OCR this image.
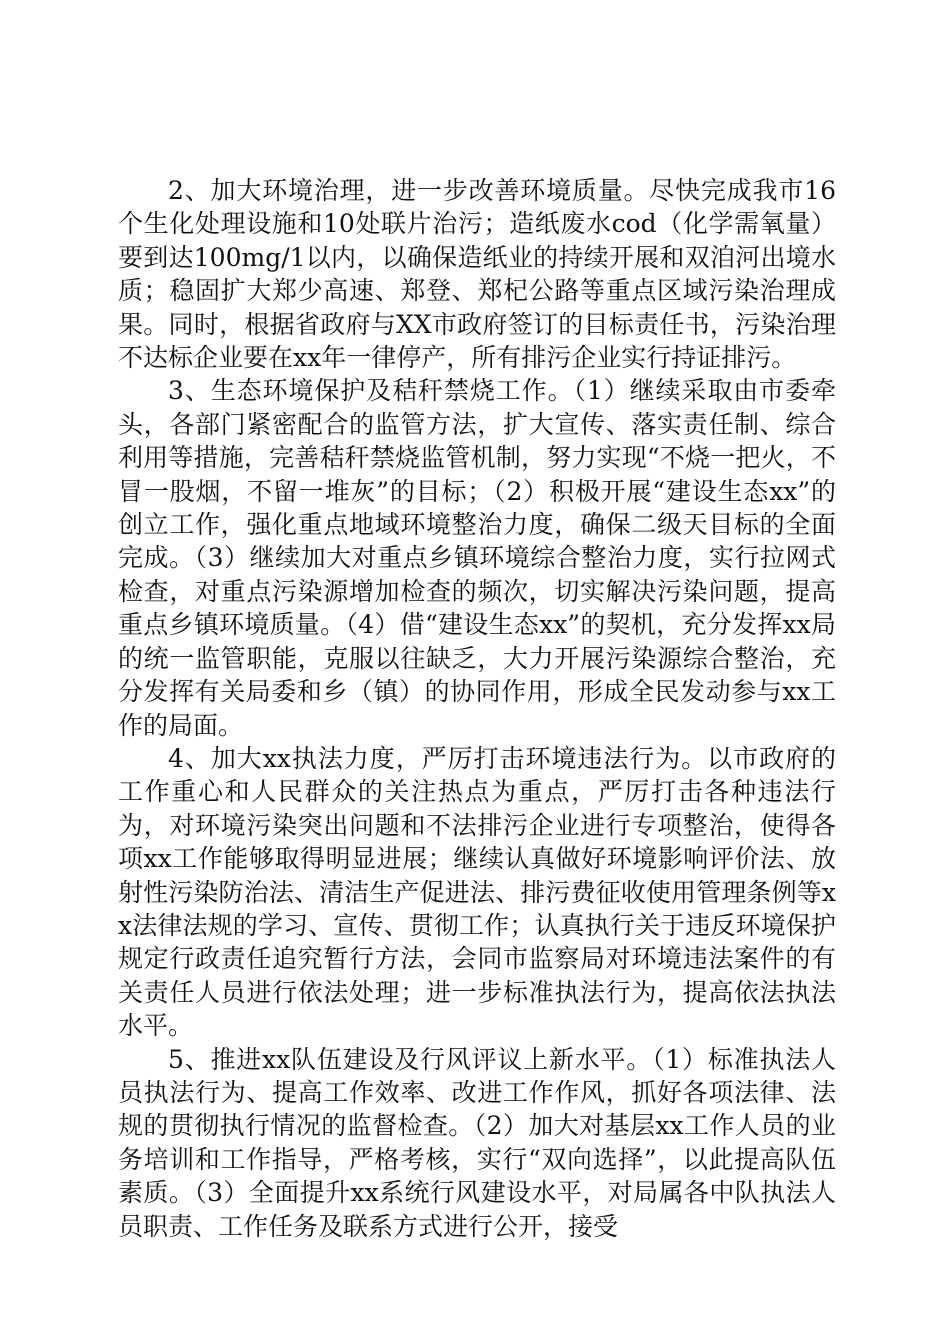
2、加大环境治理，进一步改善环境质量。尽快完成我市16个生化处理设施和10处联片治污；造纸废水cod（化学需氧量）要到达100mg/1以内，以确保造纸业的持续开展和双洎河出境水质；稳固扩大郑少高速、郑登、郑杞公路等重点区域污染治理成果。同时，根据省政府与XX市政府签订的目标责任书，污染治理不达标企业要在xx年一律停产，所有排污企业实行持证排污。

3、生态环境保护及秸秆禁烧工作。（1）继续采取由市委牵头，各部门紧密配合的监管方法，扩大宣传、落实责任制、综合利用等措施，完善秸秆禁烧监管机制，努力实现“不烧一把火，不冒一股烟，不留一堆灰”的目标；（2）积极开展“建设生态xx”的创立工作，强化重点地域环境整治力度，确保二级天目标的全面完成。（3）继续加大对重点乡镇环境综合整治力度，实行拉网式检查，对重点污染源增加检查的频次，切实解决污染问题，提高重点乡镇环境质量。（4）借“建设生态xx”的契机，充分发挥xx局的统一监管职能，克服以往缺乏，大力开展污染源综合整治，充分发挥有关局委和乡（镇）的协同作用，形成全民发动参与xx工作的局面。

4、加大xx执法力度，严厉打击环境违法行为。以市政府的工作重心和人民群众的关注热点为重点，严厉打击各种违法行为，对环境污染突出问题和不法排污企业进行专项整治，使得各项xx工作能够取得明显进展；继续认真做好环境影响评价法、放射性污染防治法、清洁生产促进法、排污费征收使用管理条例等xx法律法规的学习、宣传、贯彻工作；认真执行关于违反环境保护规定行政责任追究暂行方法，会同市监察局对环境违法案件的有关责任人员进行依法处理；进一步标准执法行为，提高依法执法水平。

5、推进xx队伍建设及行风评议上新水平。（1）标准执法人员执法行为、提高工作效率、改进工作作风，抓好各项法律、法规的贯彻执行情况的监督检查。（2）加大对基层xx工作人员的业务培训和工作指导，严格考核，实行“双向选择”，以此提高队伍素质。（3）全面提升xx系统行风建设水平，对局属各中队执法人员职责、工作任务及联系方式进行公开，接受
